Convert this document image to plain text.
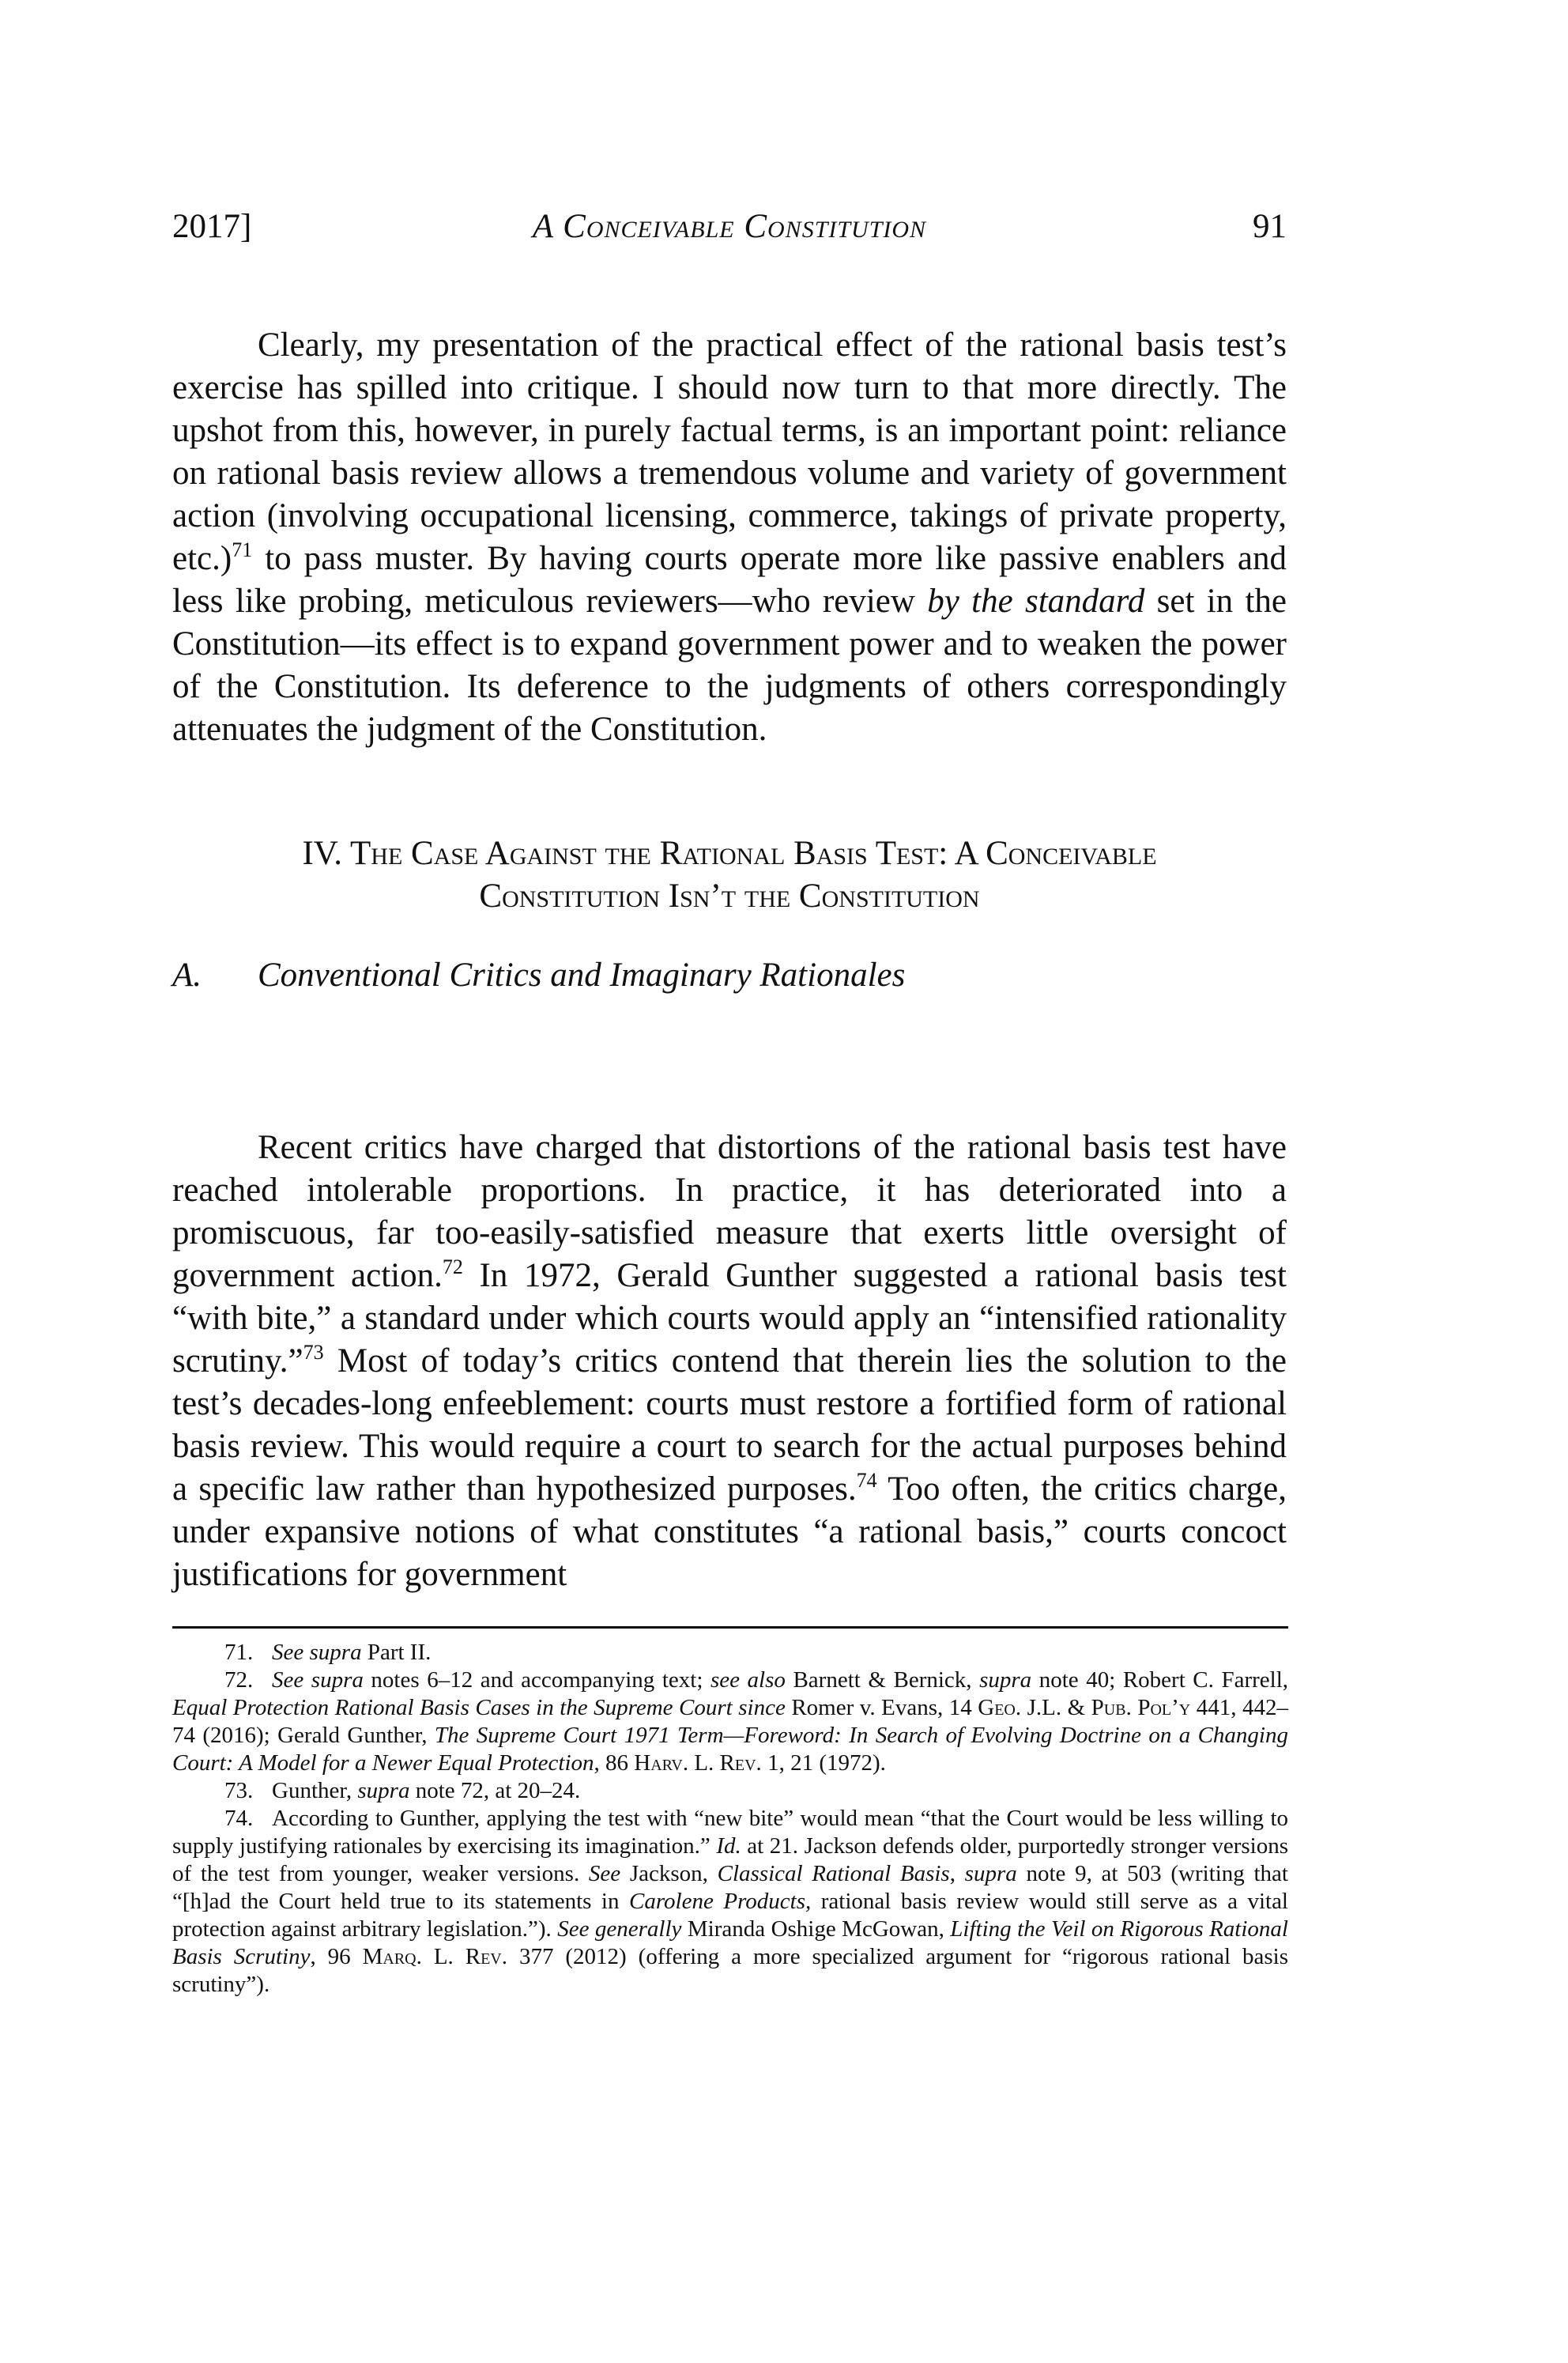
2017]	A Conceivable Constitution	91

Clearly, my presentation of the practical effect of the rational basis test’s exercise has spilled into critique. I should now turn to that more directly. The upshot from this, however, in purely factual terms, is an important point: reliance on rational basis review allows a tremendous volume and variety of government action (involving occupational licensing, commerce, takings of private property, etc.)$^{71}$ to pass muster. By having courts operate more like passive enablers and less like probing, meticulous reviewers—who review by the standard set in the Constitution—its effect is to expand government power and to weaken the power of the Constitution. Its deference to the judgments of others correspondingly attenuates the judgment of the Constitution.

IV. The Case Against the Rational Basis Test: A Conceivable
Constitution Isn’t the Constitution
A. Conventional Critics and Imaginary Rationales

Recent critics have charged that distortions of the rational basis test have reached intolerable proportions. In practice, it has deteriorated into a promiscuous, far too-easily-satisfied measure that exerts little oversight of government action.$^{72}$ In 1972, Gerald Gunther suggested a rational basis test “with bite,” a standard under which courts would apply an “intensified rationality scrutiny.”$^{73}$ Most of today’s critics contend that therein lies the solution to the test’s decades-long enfeeblement: courts must restore a fortified form of rational basis review. This would require a court to search for the actual purposes behind a specific law rather than hypothesized purposes.$^{74}$ Too often, the critics charge, under expansive notions of what constitutes “a rational basis,” courts concoct justifications for government

71. See supra Part II.

72. See supra notes 6–12 and accompanying text; see also Barnett & Bernick, supra note 40; Robert C. Farrell, Equal Protection Rational Basis Cases in the Supreme Court since Romer v. Evans, 14 Geo. J.L. & Pub. Pol’y 441, 442–74 (2016); Gerald Gunther, The Supreme Court 1971 Term—Foreword: In Search of Evolving Doctrine on a Changing Court: A Model for a Newer Equal Protection, 86 Harv. L. Rev. 1, 21 (1972).

73. Gunther, supra note 72, at 20–24.

74. According to Gunther, applying the test with “new bite” would mean “that the Court would be less willing to supply justifying rationales by exercising its imagination.” Id. at 21. Jackson defends older, purportedly stronger versions of the test from younger, weaker versions. See Jackson, Classical Rational Basis, supra note 9, at 503 (writing that “[h]ad the Court held true to its statements in Carolene Products, rational basis review would still serve as a vital protection against arbitrary legislation.”). See generally Miranda Oshige McGowan, Lifting the Veil on Rigorous Rational Basis Scrutiny, 96 Marq. L. Rev. 377 (2012) (offering a more specialized argument for “rigorous rational basis scrutiny”).
